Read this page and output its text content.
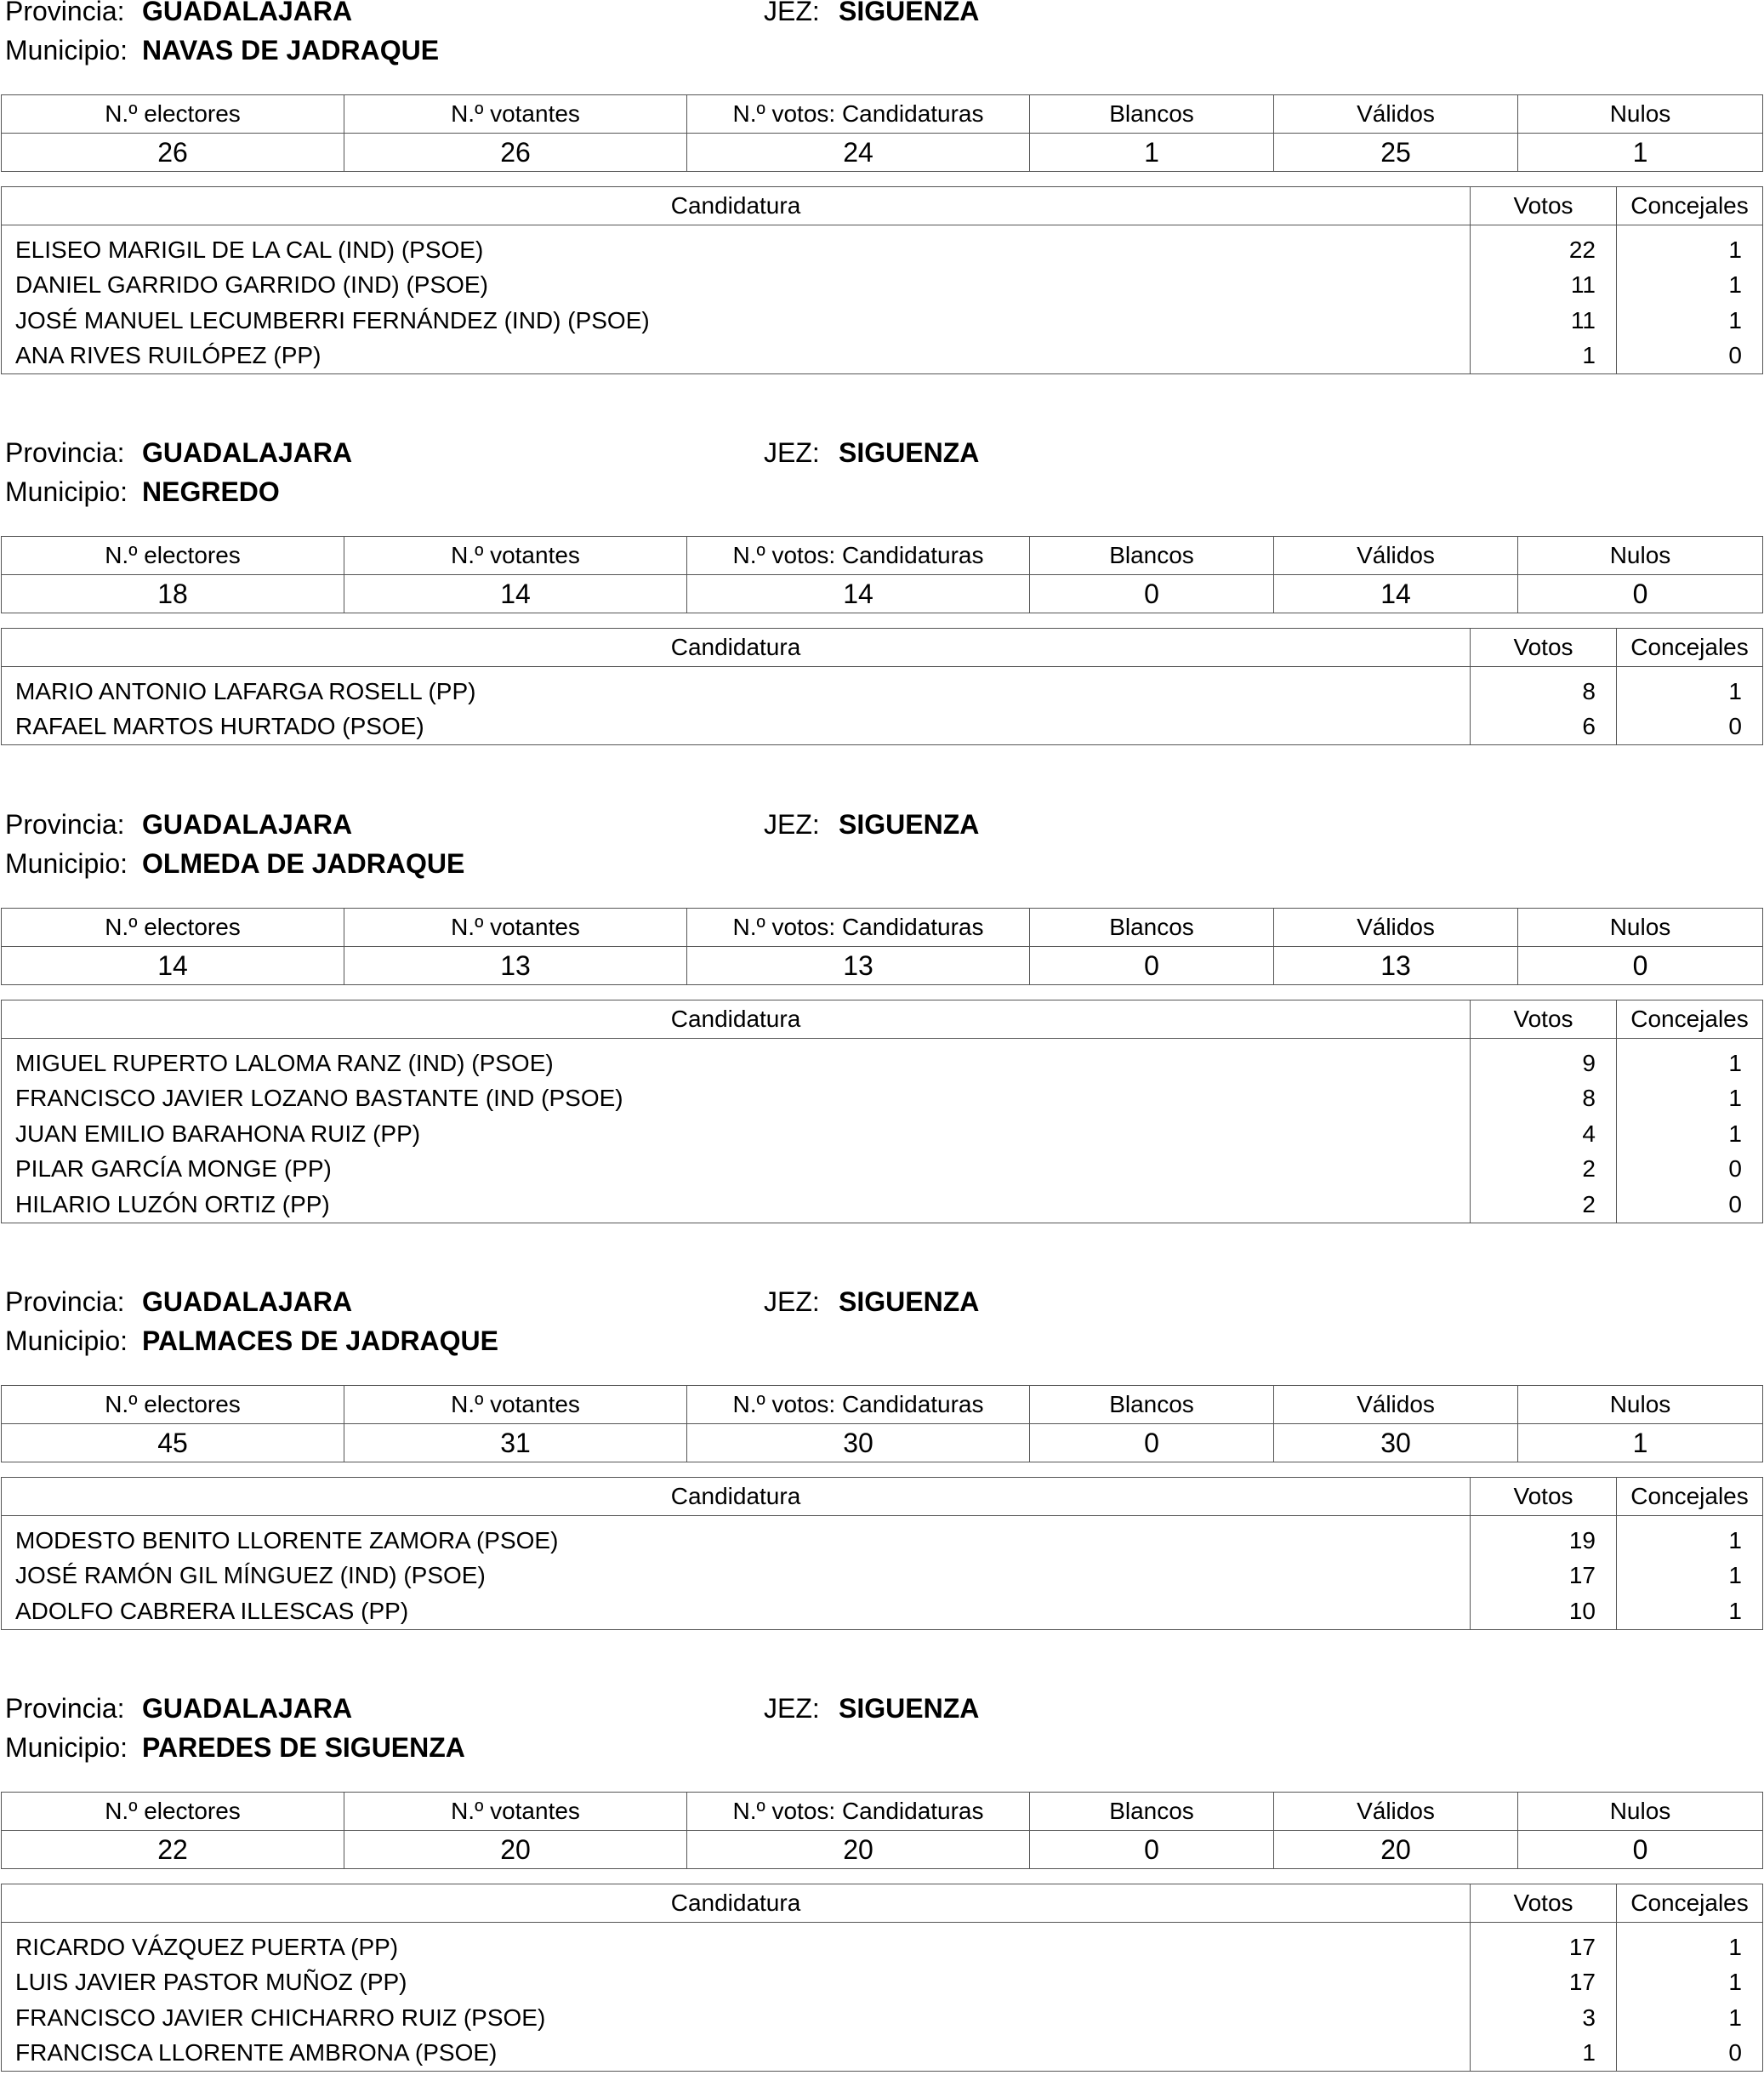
Provincia: GUADALAJARA	JEZ: SIGUENZA
Municipio: NAVAS DE JADRAQUE
N.º electores	N.º votantes	N.º votos: Candidaturas	Blancos	Válidos	Nulos
26	26	24	1	25	1
Candidatura	Votos	Concejales

ELISEO MARIGIL DE LA CAL (IND) (PSOE)	22	1
DANIEL GARRIDO GARRIDO (IND) (PSOE)	11	1
JOSÉ MANUEL LECUMBERRI FERNÁNDEZ (IND) (PSOE)	11	1
ANA RIVES RUILÓPEZ (PP)	1	0
Provincia: GUADALAJARA	JEZ: SIGUENZA
Municipio: NEGREDO
N.º electores	N.º votantes	N.º votos: Candidaturas	Blancos	Válidos	Nulos
18	14	14	0	14	0
Candidatura	Votos	Concejales

MARIO ANTONIO LAFARGA ROSELL (PP)	8	1
RAFAEL MARTOS HURTADO (PSOE)	6	0
Provincia: GUADALAJARA	JEZ: SIGUENZA
Municipio: OLMEDA DE JADRAQUE
N.º electores	N.º votantes	N.º votos: Candidaturas	Blancos	Válidos	Nulos
14	13	13	0	13	0
Candidatura	Votos	Concejales

MIGUEL RUPERTO LALOMA RANZ (IND) (PSOE)	9	1
FRANCISCO JAVIER LOZANO BASTANTE (IND (PSOE)	8	1
JUAN EMILIO BARAHONA RUIZ (PP)	4	1
PILAR GARCÍA MONGE (PP)	2	0
HILARIO LUZÓN ORTIZ (PP)	2	0
Provincia: GUADALAJARA	JEZ: SIGUENZA
Municipio: PALMACES DE JADRAQUE
N.º electores	N.º votantes	N.º votos: Candidaturas	Blancos	Válidos	Nulos
45	31	30	0	30	1
Candidatura	Votos	Concejales

MODESTO BENITO LLORENTE ZAMORA (PSOE)	19	1
JOSÉ RAMÓN GIL MÍNGUEZ (IND) (PSOE)	17	1
ADOLFO CABRERA ILLESCAS (PP)	10	1
Provincia: GUADALAJARA	JEZ: SIGUENZA
Municipio: PAREDES DE SIGUENZA
N.º electores	N.º votantes	N.º votos: Candidaturas	Blancos	Válidos	Nulos
22	20	20	0	20	0
Candidatura	Votos	Concejales

RICARDO VÁZQUEZ PUERTA (PP)	17	1
LUIS JAVIER PASTOR MUÑOZ (PP)	17	1
FRANCISCO JAVIER CHICHARRO RUIZ (PSOE)	3	1
FRANCISCA LLORENTE AMBRONA (PSOE)	1	0
